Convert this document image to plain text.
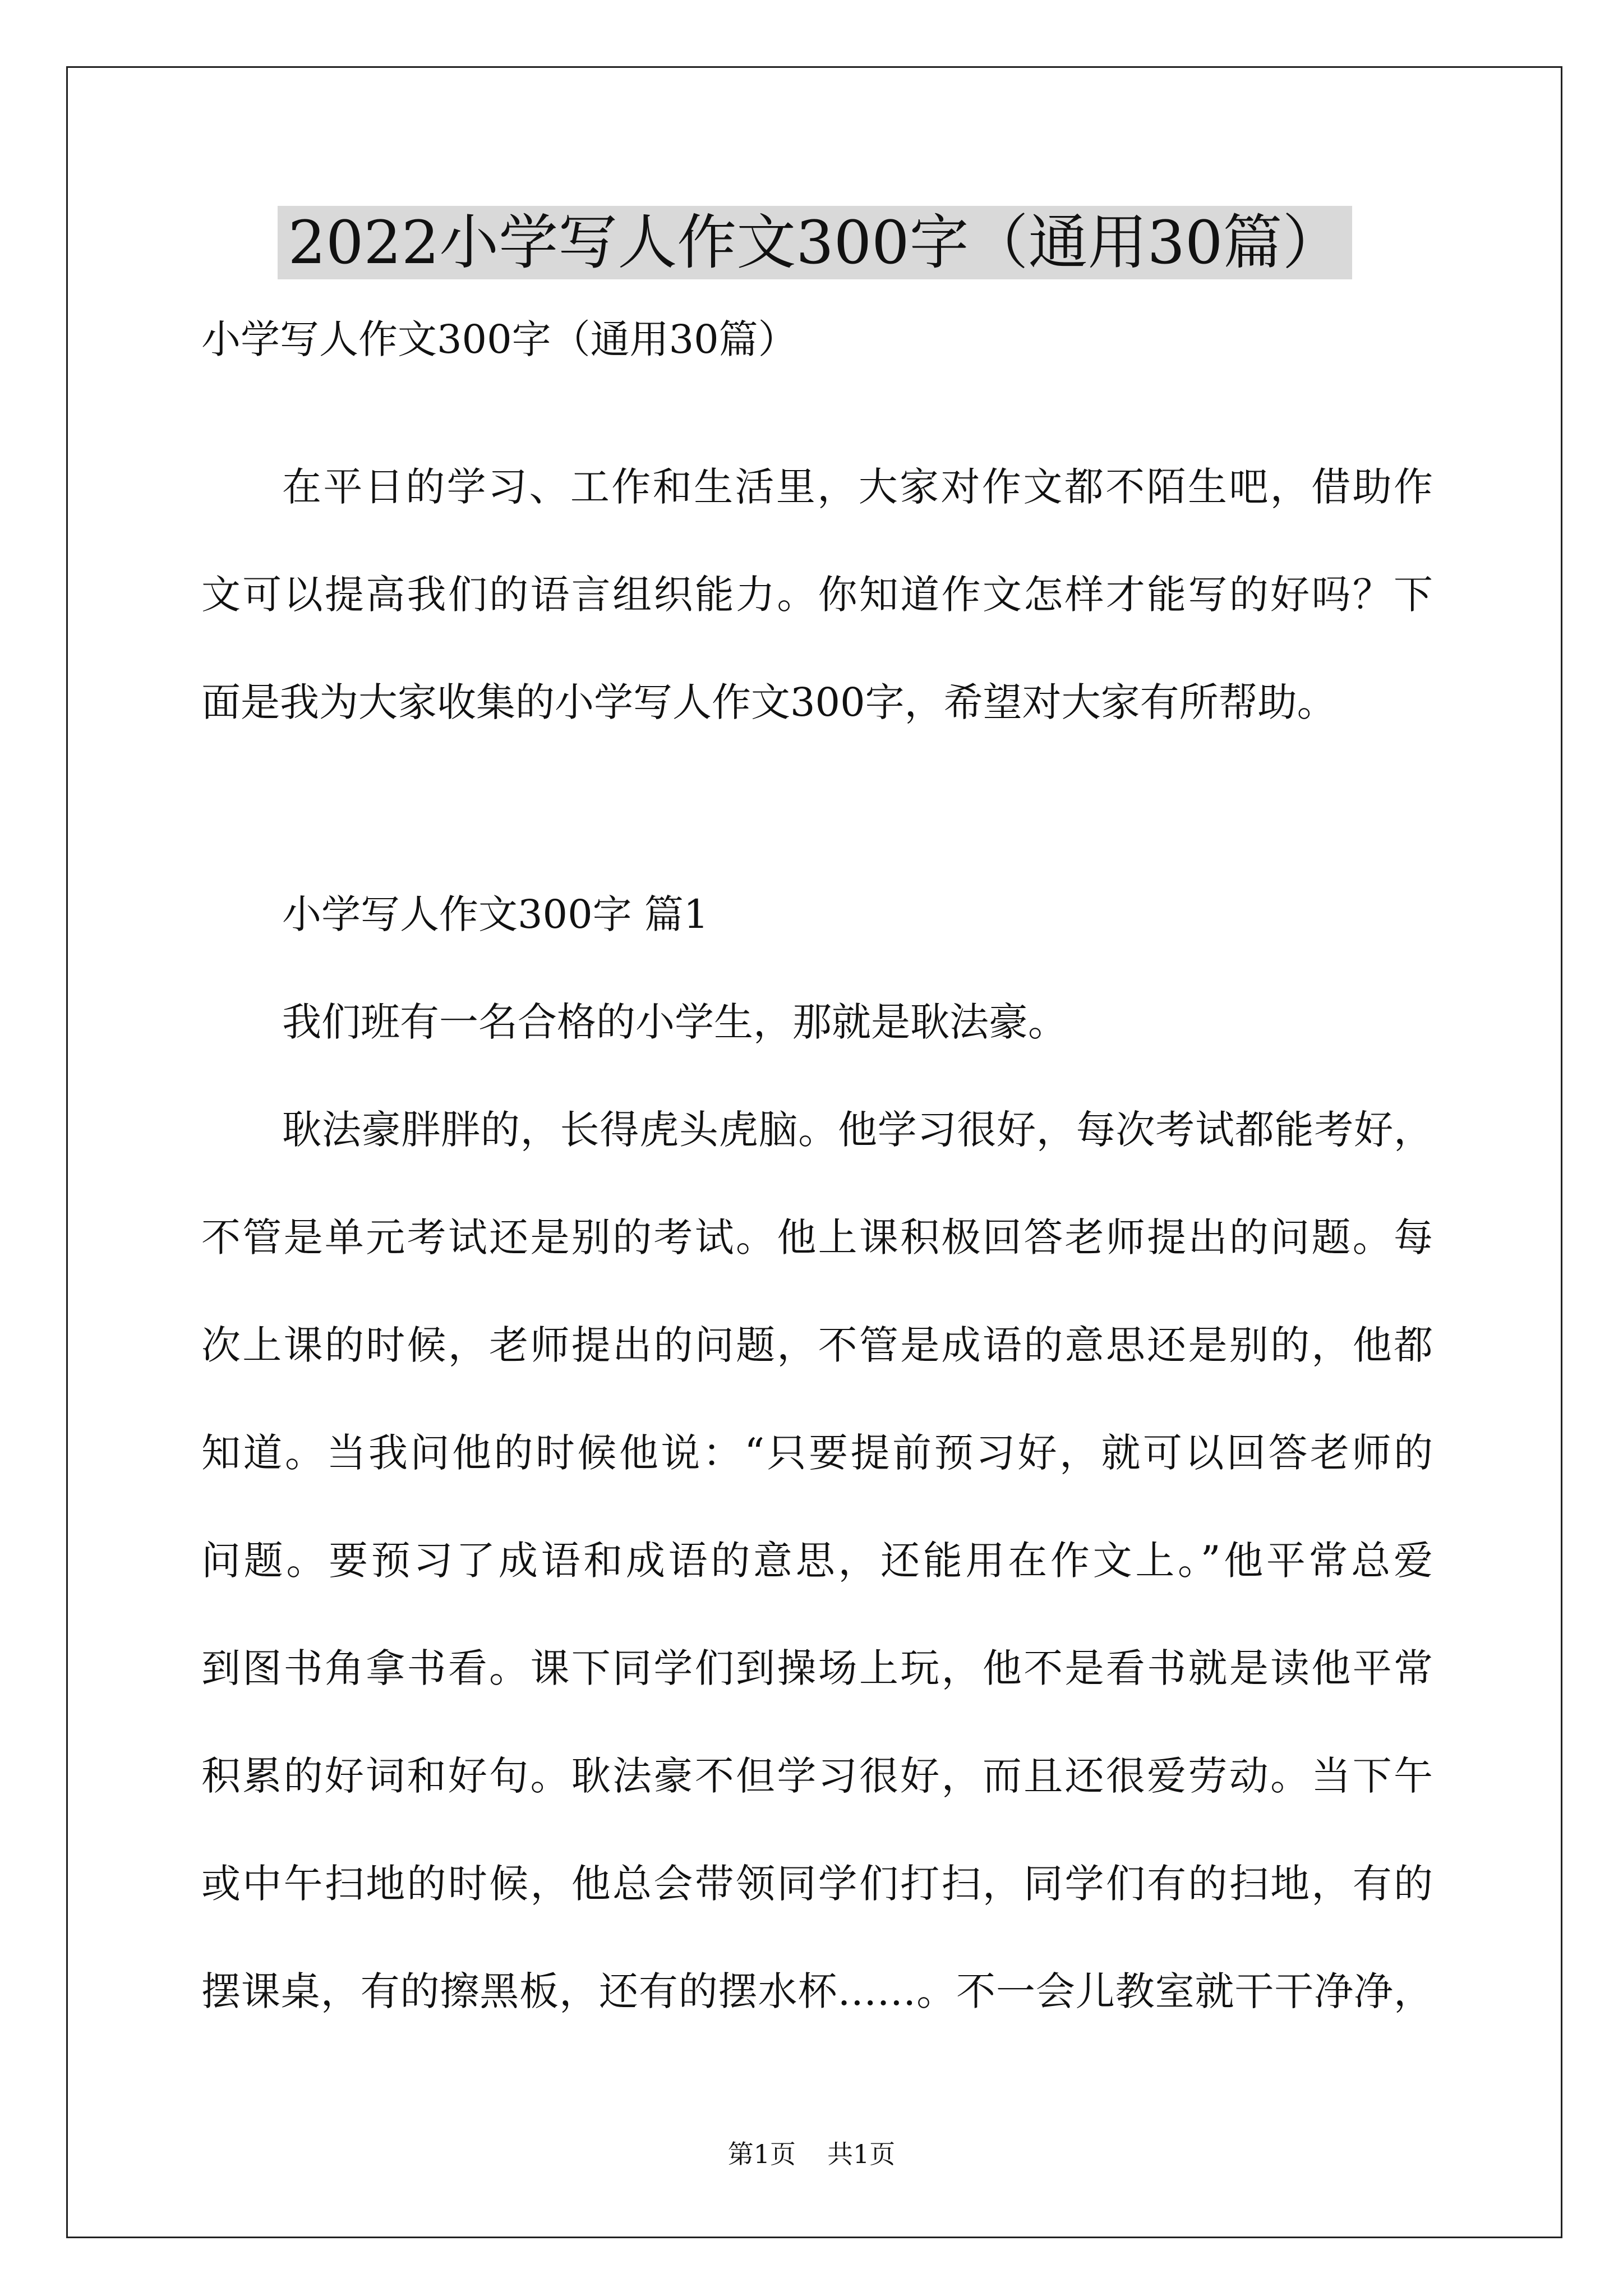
2022小学写人作文300字（通用30篇）
小学写人作文300字（通用30篇）
在平日的学习、工作和生活里，大家对作文都不陌生吧，借助作
文可以提高我们的语言组织能力。你知道作文怎样才能写的好吗？下
面是我为大家收集的小学写人作文300字，希望对大家有所帮助。
小学写人作文300字 篇1
我们班有一名合格的小学生，那就是耿法豪。
耿法豪胖胖的，长得虎头虎脑。他学习很好，每次考试都能考好，
不管是单元考试还是别的考试。他上课积极回答老师提出的问题。每
次上课的时候，老师提出的问题，不管是成语的意思还是别的，他都
知道。当我问他的时候他说：“只要提前预习好，就可以回答老师的
问题。要预习了成语和成语的意思，还能用在作文上。”他平常总爱
到图书角拿书看。课下同学们到操场上玩，他不是看书就是读他平常
积累的好词和好句。耿法豪不但学习很好，而且还很爱劳动。当下午
或中午扫地的时候，他总会带领同学们打扫，同学们有的扫地，有的
摆课桌，有的擦黑板，还有的摆水杯……。不一会儿教室就干干净净，
第1页 共1页
